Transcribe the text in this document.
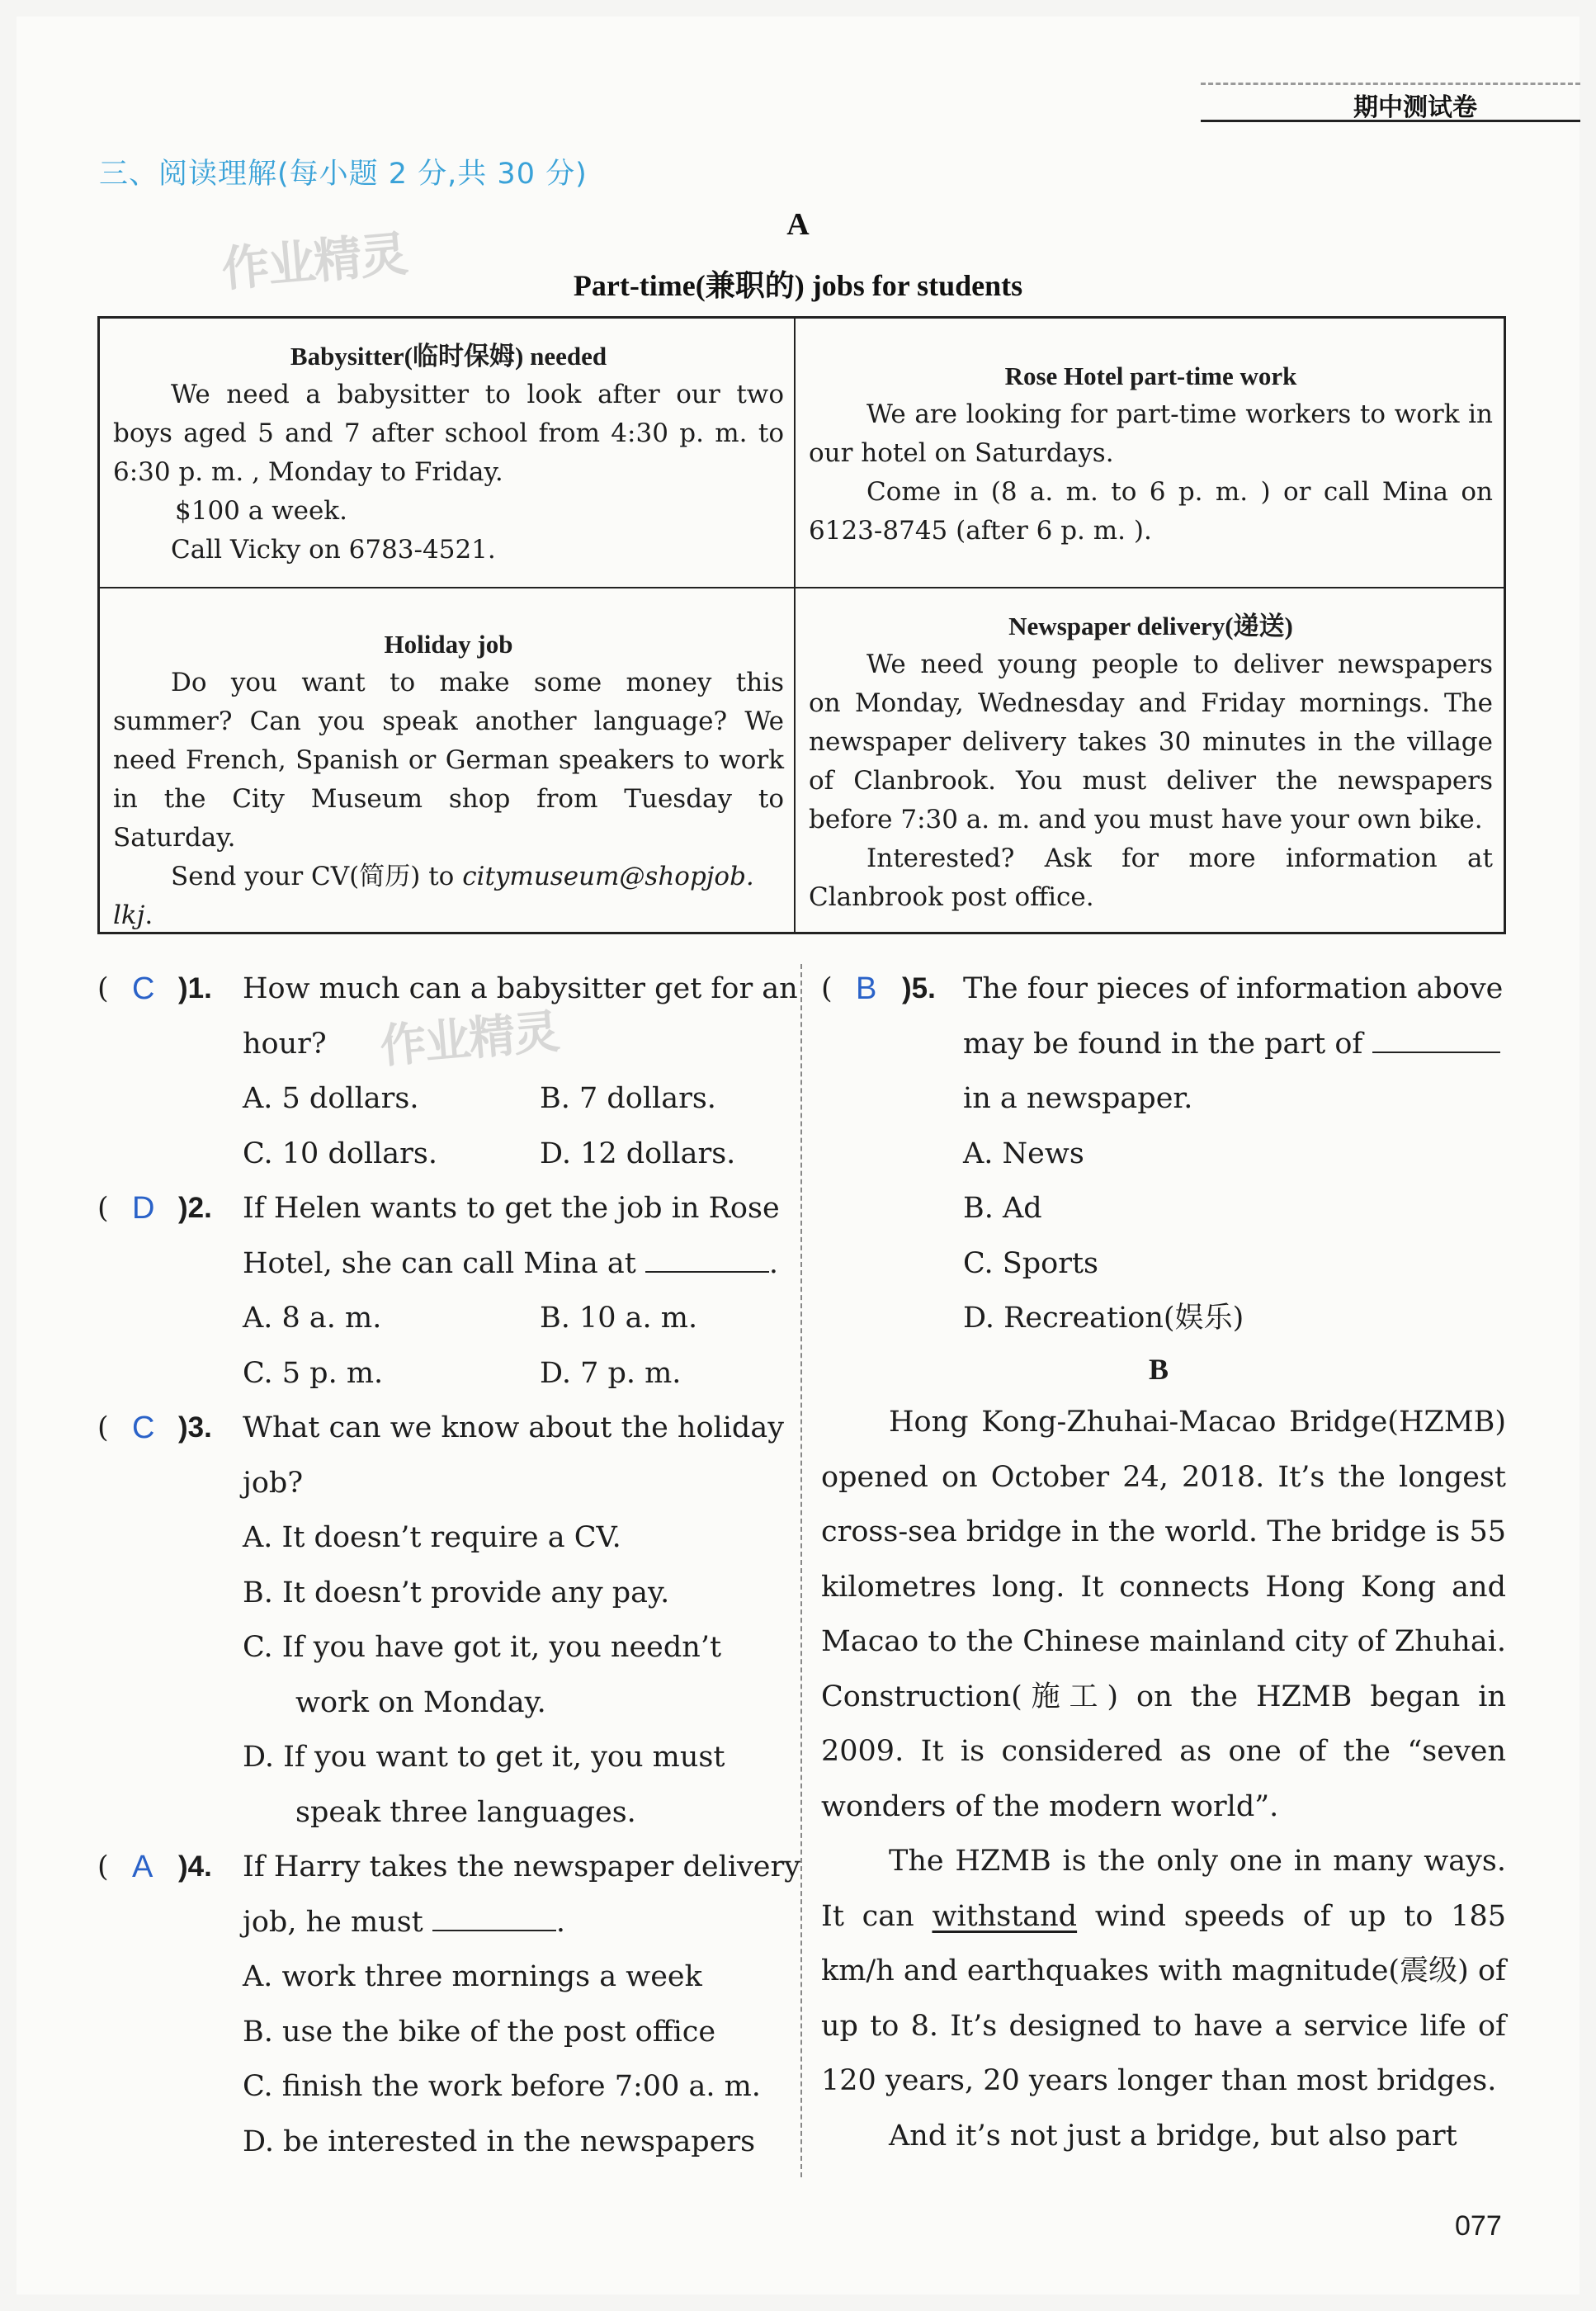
期中测试卷
三、阅读理解(每小题 2 分,共 30 分)
作业精灵
A
Part-time(兼职的) jobs for students
Babysitter(临时保姆) needed

We need a babysitter to look after our two boys aged 5 and 7 after school from 4:30 p. m. to 6:30 p. m. , Monday to Friday.

$100 a week.

Call Vicky on 6783-4521.

Rose Hotel part-time work

We are looking for part-time workers to work in our hotel on Saturdays.

Come in (8 a. m. to 6 p. m. ) or call Mina on 6123-8745 (after 6 p. m. ).

Holiday job

Do you want to make some money this summer? Can you speak another language? We need French, Spanish or German speakers to work in the City Museum shop from Tuesday to Saturday.

Send your CV(简历) to citymuseum@shopjob. lkj.

Newspaper delivery(递送)

We need young people to deliver newspapers on Monday, Wednesday and Friday mornings. The newspaper delivery takes 30 minutes in the village of Clanbrook. You must deliver the newspapers before 7:30 a. m. and you must have your own bike.

Interested? Ask for more information at Clanbrook post office.

( C )1. How much can a babysitter get for an
hour?
A. 5 dollars.	B. 7 dollars.
C. 10 dollars.	D. 12 dollars.
( D )2. If Helen wants to get the job in Rose
Hotel, she can call Mina at	.
A. 8 a. m.	B. 10 a. m.
C. 5 p. m.	D. 7 p. m.
( C )3. What can we know about the holiday
job?
A. It doesn’t require a CV.
B. It doesn’t provide any pay.
C. If you have got it, you needn’t
work on Monday.
D. If you want to get it, you must
speak three languages.
( A )4. If Harry takes the newspaper delivery
job, he must	.
A. work three mornings a week
B. use the bike of the post office
C. finish the work before 7:00 a. m.
D. be interested in the newspapers
作业精灵
( B )5. The four pieces of information above
may be found in the part of
in a newspaper.
A. News
B. Ad
C. Sports
D. Recreation(娱乐)
B

Hong Kong-Zhuhai-Macao Bridge(HZMB) opened on October 24, 2018. It’s the longest cross-sea bridge in the world. The bridge is 55 kilometres long. It connects Hong Kong and Macao to the Chinese mainland city of Zhuhai. Construction(施工) on the HZMB began in 2009. It is considered as one of the “seven wonders of the modern world”.

The HZMB is the only one in many ways. It can withstand wind speeds of up to 185 km/h and earthquakes with magnitude(震级) of up to 8. It’s designed to have a service life of 120 years, 20 years longer than most bridges.

And it’s not just a bridge, but also part

077
